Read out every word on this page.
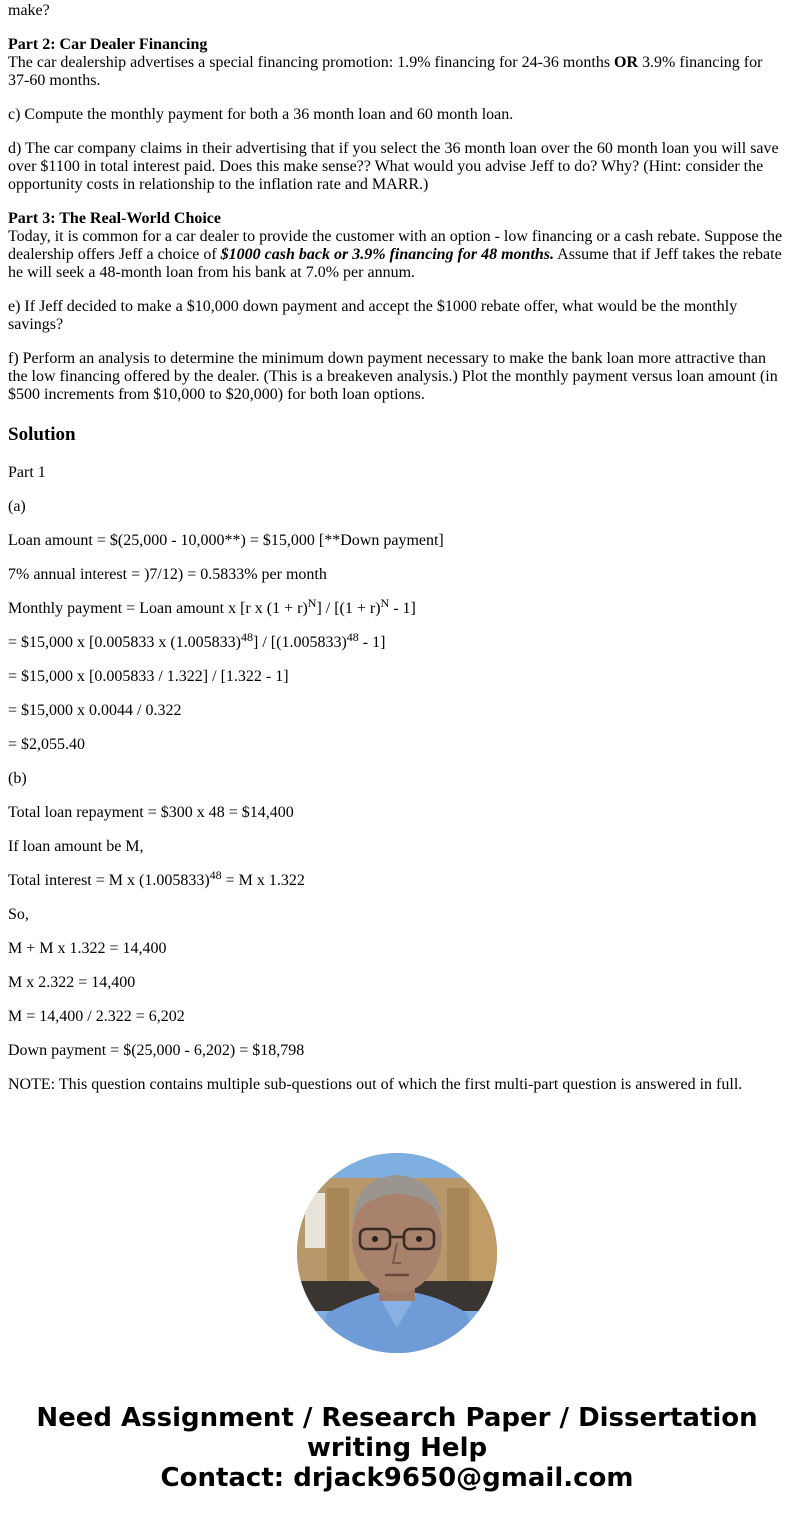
make?

Part 2: Car Dealer Financing
The car dealership advertises a special financing promotion: 1.9% financing for 24-36 months OR 3.9% financing for 37-60 months.

c) Compute the monthly payment for both a 36 month loan and 60 month loan.

d) The car company claims in their advertising that if you select the 36 month loan over the 60 month loan you will save over $1100 in total interest paid. Does this make sense?? What would you advise Jeff to do? Why? (Hint: consider the opportunity costs in relationship to the inflation rate and MARR.)

Part 3: The Real-World Choice
Today, it is common for a car dealer to provide the customer with an option - low financing or a cash rebate. Suppose the dealership offers Jeff a choice of $1000 cash back or 3.9% financing for 48 months. Assume that if Jeff takes the rebate he will seek a 48-month loan from his bank at 7.0% per annum.

e) If Jeff decided to make a $10,000 down payment and accept the $1000 rebate offer, what would be the monthly savings?

f) Perform an analysis to determine the minimum down payment necessary to make the bank loan more attractive than the low financing offered by the dealer. (This is a breakeven analysis.) Plot the monthly payment versus loan amount (in $500 increments from $10,000 to $20,000) for both loan options.

Solution

Part 1

(a)

Loan amount = $(25,000 - 10,000**) = $15,000 [**Down payment]

7% annual interest = )7/12) = 0.5833% per month

Monthly payment = Loan amount x [r x $(1 + r)^N] / [(1 + r)^N - 1]$

= $15,000 x [0.005833 x $(1.005833)^{48}] / [(1.005833)^{48} - 1]$

= $15,000 x [0.005833 / 1.322] / [1.322 - 1]

= $15,000 x 0.0044 / 0.322

= $2,055.40

(b)

Total loan repayment = $300 x 48 = $14,400

If loan amount be M,

Total interest = M x $(1.005833)^{48} = M$ x 1.322

So,

M + M x 1.322 = 14,400

M x 2.322 = 14,400

M = 14,400 / 2.322 = 6,202

Down payment = $(25,000 - 6,202) = $18,798

NOTE: This question contains multiple sub-questions out of which the first multi-part question is answered in full.

Need Assignment / Research Paper / Dissertation
writing Help
Contact: drjack9650@gmail.com
